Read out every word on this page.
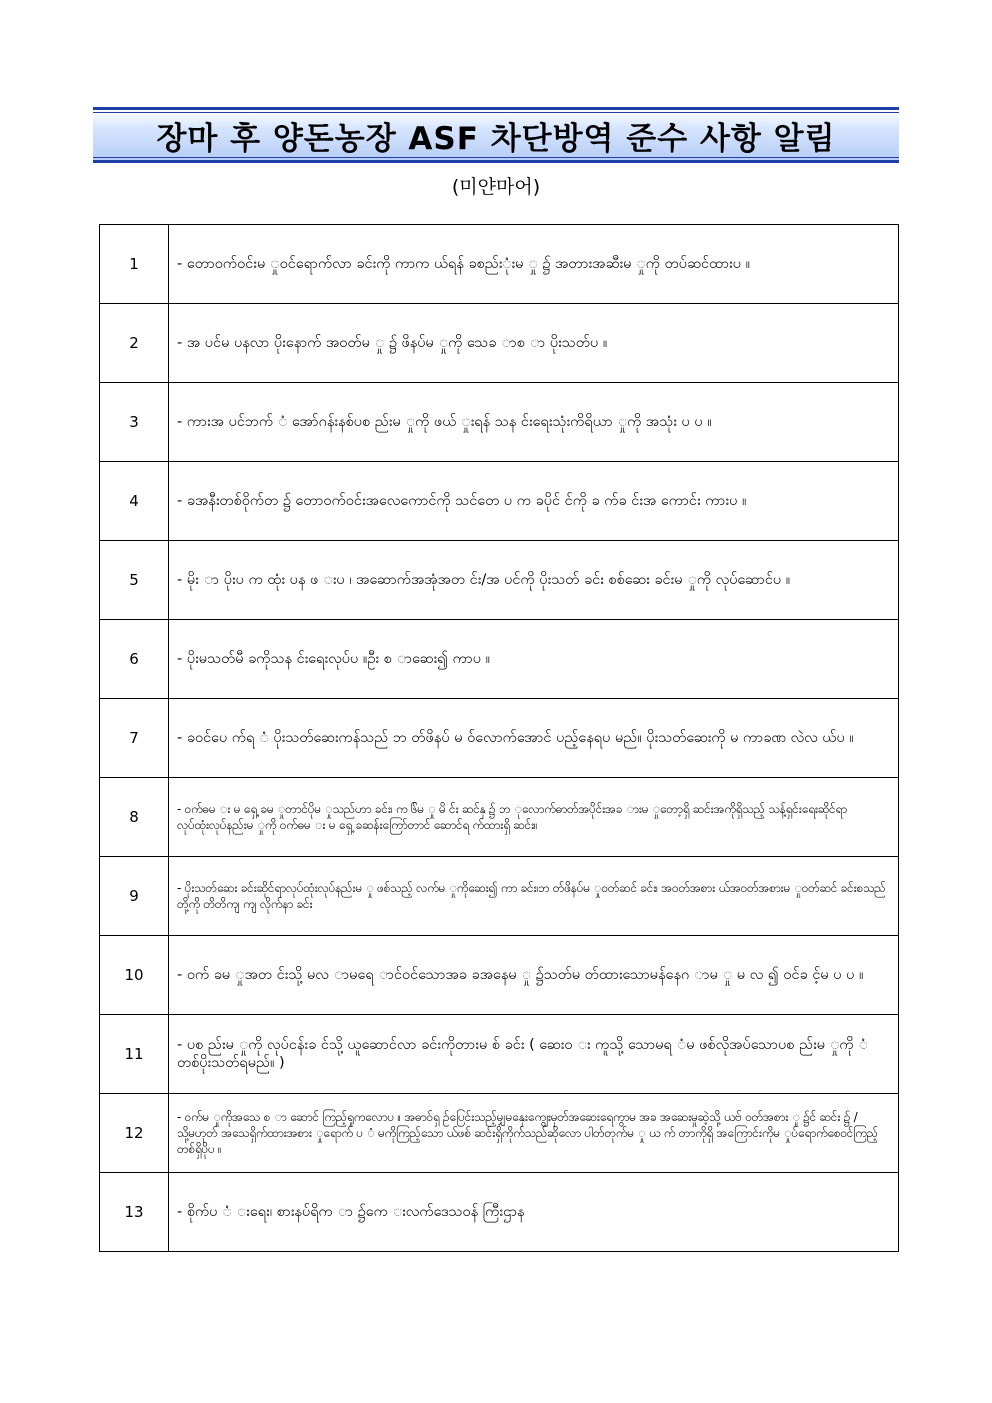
장마 후 양돈농장 ASF 차단방역 준수 사항 알림
(미얀마어)
1	- တောဝက်ဝင်းမ ှုဝင်ရောက်လာ ခင်းကို ကာက ယ်ရန် ခစည်းုံးမ ှု ၌ အတားအဆီးမ ှုကို တပ်ဆင်ထားပ ။

2	- အ ပင်မ ပနလာ ပိုးနောက် အဝတ်မ ှု ၌ ဖိနပ်မ ှုကို သေခ ာစ ာ ပိုးသတ်ပ ။

3	- ကားအ ပင်ဘက် ံ အော်ဂန်းနစ်ပစ ည်းမ ှုကို ဖယ် ှုးရန် သန င်းရေးသုံးကိရိယာ ှုကို အသုံး ပ ပ ။

4	- ခအနီးတစ်ဝိုက်တ ၌ တောဝက်ဝင်းအလေကောင်ကို သင်တေ ပ က ခပိုင် င်ကို ခ က်ခ င်းအ ကောင်း ကားပ ။

5	- မိုး ာ ပိုးပ က ထုံး ပန ဖ းပ ၊ အဆောက်အအုံအတ င်း/အ ပင်ကို ပိုးသတ် ခင်း စစ်ဆေး ခင်းမ ှုကို လုပ်ဆောင်ပ ။

6	- ပိုးမသတ်မီ ခကိုသန င်းရေးလုပ်ပ ။ဦး စ ာဆေး၍ ကာပ ။

7	- ခဝင်ပေ က်ရ ံ ပိုးသတ်ဆေးကန်သည် ဘ တ်ဖိနပ် မ ဝ်လောက်အောင် ပည့်နေရပ မည်။ ပိုးသတ်ဆေးကို မ ကာခဏ လဲလ ယ်ပ ။

8	- ဝက်ဓမ း မ ရှေ့ ခမ ှုတာင်ပိုမ ှုသည်ဟာ ခင်း၊ က ၆်မ ှု မိ င်း ဆင်နှ ၌ ဘ ုလောက်ဓာတ်အပိုင်းအခ ားမ ှုတော့ရှိ ဆင်းအကိုရှိသည့် သန့်ရှင်းရေးဆိုင်ရာလုပ်ထုံးလုပ်နည်းမ ှုကို ဝက်ဓမ း မ ရှေ့ ခဆန်းကြော်တာင် ဆောင်ရ က်ထားရှိ ဆင်း။

9	- ပိုးသတ်ဆေး ခင်းဆိုင်ရာလုပ်ထုံးလုပ်နည်းမ ှု ဖစ်သည့် လက်မ ှုကိုဆေး၍ ကာ ခင်း၊ဘ တ်ဖိနပ်မ ှုဝတ်ဆင် ခင်း၊ အဝတ်အစား ယ်အဝတ်အစားမ ှုဝတ်ဆင် ခင်းစသည်တို့ကို တိတိကျ ကျ လိုက်နာ ခင်း

10	- ဝက် ခမ ှုအတ င်းသို့ မလ ာမရေ ာင်ဝင်သောအခ ခအနေမ ှု ၌သတ်မ တ်ထားသောမန်နေဂ ာမ ှု မ လ ၍ ဝင်ခ င့်မ ပ ပ ။

11	- ပစ ည်းမ ှုကို လုပ်ငန်းခ င်သို့ ယူဆောင်လာ ခင်းကိုတားမ စ် ခင်း ( ဆေး၀ း ကူသို့ သောမရ ံမ ဖစ်လိုအပ်သောပစ ည်းမ ှုကို ံ တစ်ပိုးသတ်ရမည်။ )

12	- ဝက်မ ှုကိုအသေ စ ာ ဆောင် ကြည့်ရှုကလောပ ။ အဓာဝ်ရှ ဥ်ပြေင်းသည့်မျှမနှေးကျွေးမှတ်အဆေးရေကွာမ အခ အဆေးမှုဆဲ့သို့ ယဗ် ဝတ်အစား ှု ၌င် ဆင်း ၌ / သို့မဟုတ် အသေရှိက်ထားအစား ှုရောက် ပ ံ မကိုကြည့်သော ယ်ဖစ် ဆင်းရှိကိုက်သည်ဆိုလော ပါတ်တုက်မ ှု ယ က် တာကိုရှိ အကြောင်းကိုမ ှုပ်ရောက်စေဝင်ကြည့်တစ်ရှိပိုပ ။

13	- စိုက်ပ ံ းရေး၊ စားနပ်ရိက ာ ၌ကေ းလက်ဒေသဝန် ကြီးဌာန
